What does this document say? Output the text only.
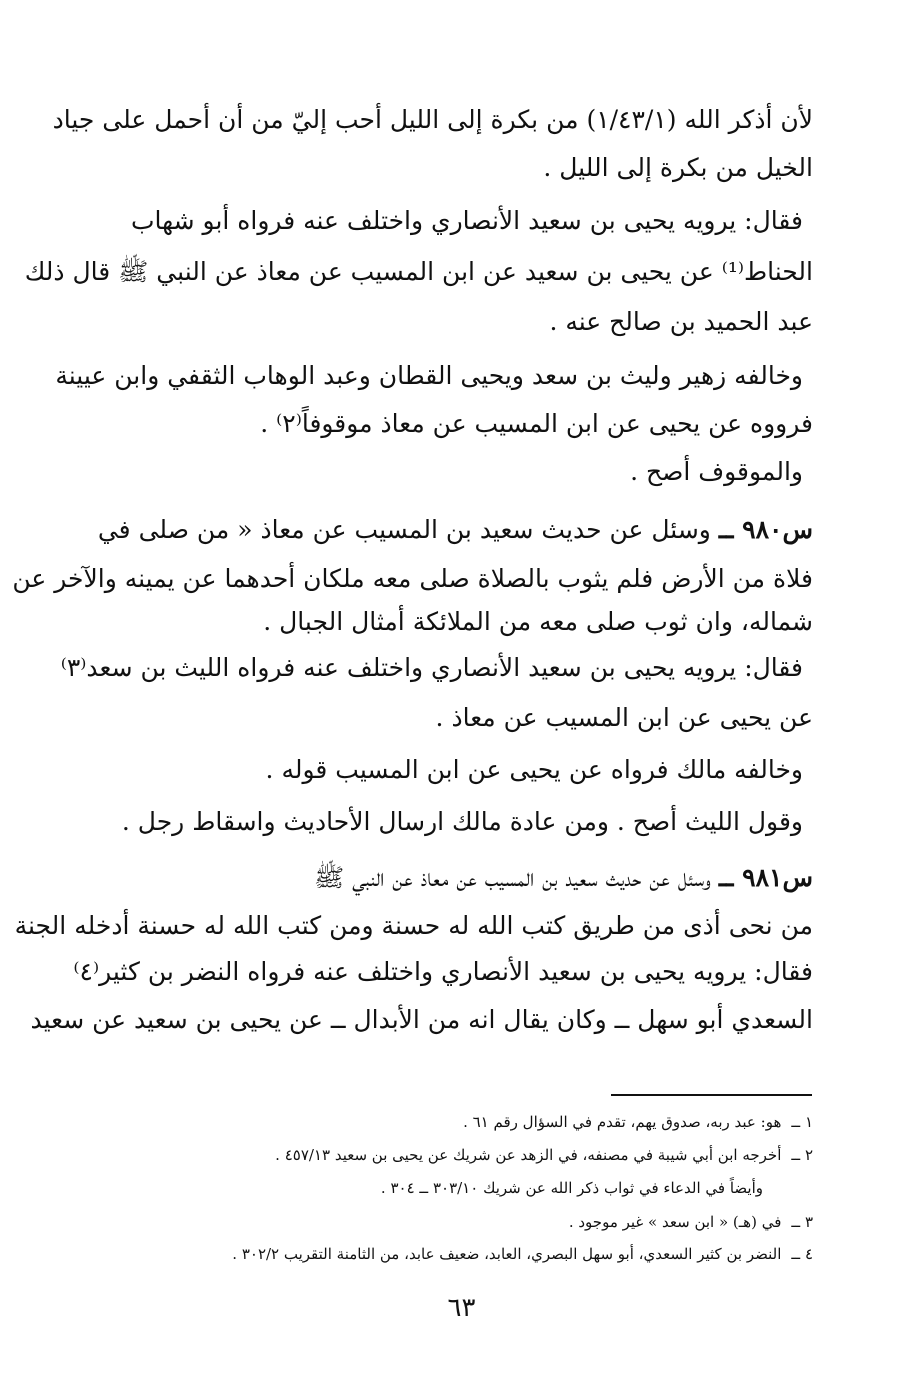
لأن أذكر الله (١/٤٣/١) من بكرة إلى الليل أحب إليّ من أن أحمل على جياد
الخيل من بكرة إلى الليل .
فقال: يرويه يحيى بن سعيد الأنصاري واختلف عنه فرواه أبو شهاب
الحناط⁽¹⁾ عن يحيى بن سعيد عن ابن المسيب عن معاذ عن النبي ﷺ قال ذلك
عبد الحميد بن صالح عنه .
وخالفه زهير وليث بن سعد ويحيى القطان وعبد الوهاب الثقفي وابن عيينة
فرووه عن يحيى عن ابن المسيب عن معاذ موقوفاً⁽٢⁾ .
والموقوف أصح .
س٩٨٠ ــ وسئل عن حديث سعيد بن المسيب عن معاذ « من صلى في
فلاة من الأرض فلم يثوب بالصلاة صلى معه ملكان أحدهما عن يمينه والآخر عن
شماله، وان ثوب صلى معه من الملائكة أمثال الجبال .
فقال: يرويه يحيى بن سعيد الأنصاري واختلف عنه فرواه الليث بن سعد⁽٣⁾
عن يحيى عن ابن المسيب عن معاذ .
وخالفه مالك فرواه عن يحيى عن ابن المسيب قوله .
وقول الليث أصح . ومن عادة مالك ارسال الأحاديث واسقاط رجل .
س٩٨١ ــ وسئل عن حديث سعيد بن المسيب عن معاذ عن النبي ﷺ
من نحى أذى من طريق كتب الله له حسنة ومن كتب الله له حسنة أدخله الجنة
فقال: يرويه يحيى بن سعيد الأنصاري واختلف عنه فرواه النضر بن كثير⁽٤⁾
السعدي أبو سهل ــ وكان يقال انه من الأبدال ــ عن يحيى بن سعيد عن سعيد
١ ــهو: عبد ربه، صدوق يهم، تقدم في السؤال رقم ٦١ .
٢ ــأخرجه ابن أبي شيبة في مصنفه، في الزهد عن شريك عن يحيى بن سعيد ٤٥٧/١٣ .
وأيضاً في الدعاء في ثواب ذكر الله عن شريك ٣٠٣/١٠ ــ ٣٠٤ .
٣ ــفي (هـ) « ابن سعد » غير موجود .
٤ ــالنضر بن كثير السعدي، أبو سهل البصري، العابد، ضعيف عابد، من الثامنة التقريب ٣٠٢/٢ .
٦٣
